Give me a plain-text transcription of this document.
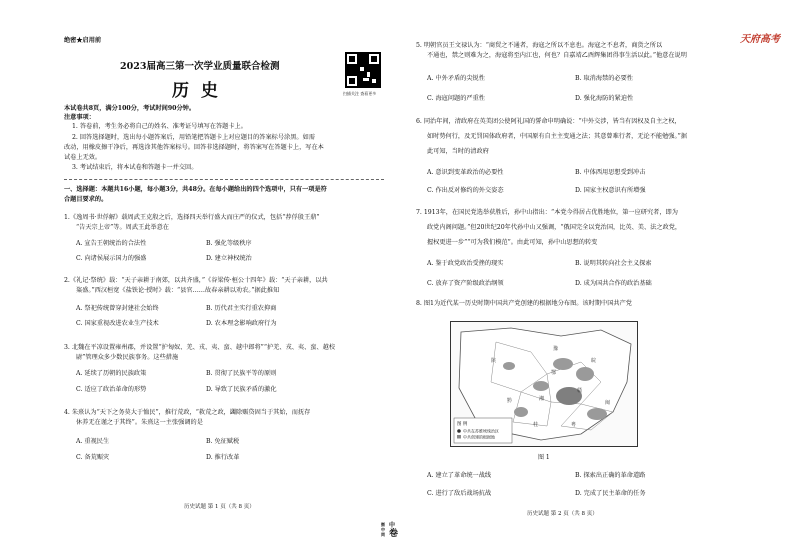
绝密★启用前
2023届高三第一次学业质量联合检测
历 史	扫描关注 查看更多
本试卷共8页，满分100分，考试时间90分钟。
注意事项：
1. 答卷前，考生务必将自己的姓名、准考证号填写在答题卡上。
2. 回答选择题时，选出每小题答案后，用铅笔把答题卡上对应题目的答案标号涂黑。如需
改动，用橡皮擦干净后，再选涂其他答案标号。回答非选择题时，将答案写在答题卡上，写在本
试卷上无效。
3. 考试结束后，将本试卷和答题卡一并交回。
一、选择题：本题共16小题，每小题3分，共48分。在每小题给出的四个选项中，只有一项是符
合题目要求的。
1.《逸周书·世俘解》载周武王克殷之后，选择四天举行盛大而庄严的仪式，包括“荐俘殷王鼎”
“告天宗上帝”等。周武王此举意在
A. 宣告王朝统治的合法性	B. 强化等级秩序
C. 向诸侯展示国力的强盛	D. 建立神权统治
2.《礼记·祭统》载：“天子亲耕于南郊，以共齐盛，”《谷梁传·桓公十四年》载：“天子亲耕，以共
粢盛。”西汉桓宽《盐铁论·授时》载：“县官……故春亲耕以劝农。”据此推知
A. 祭祀传统曾穿封建社会始终	B. 历代君主实行重农抑商
C. 国家重视改进农业生产技术	D. 农本理念影响政府行为
3. 北魏在平凉设置雍州郡，并设置“护匈奴、羌、戎、夷、蛮、越中郎将”“护羌、戎、夷、蛮、越校
尉”管理众多少数民族事务。这些措施
A. 延续了历朝的民族政策	B. 贯彻了民族平等的原则
C. 适应了政治革命的形势	D. 导致了民族矛盾的激化
4. 朱熹认为“天下之务莫大于恤民”，推行荒政，“救荒之政，蠲除赈贷固当于其始，而抚存
休养无在谨之于其终”。朱熹这一主张强调的是
A. 重视民生	B. 免征赋税
C. 备荒赈灾	D. 推行改革
历史试题 第 1 页（共 8 页）
天府高考
5. 明朝官员王文禄认为：“商贸之不通者，海寇之所以不息也。海寇之不息者，商货之所以
不通也，禁之则难为之，海寇将至内江也，何也？自嘉靖乙酉辉集团得事生活以此。”他意在说明
A. 中外矛盾的尖锐性	B. 取消海禁的必要性
C. 海寇问题的严重性	D. 强化海防的紧迫性
6. 同治年间，清政府在英美团公使阿礼国的誓命申明确说：“中外交涉，皆当有因权及自主之权，
如时势何行，及无罚国体政府者，中国原有自主主变通之法；其意曾难行者，无论不能勉强。”据
此可知，当时的清政府
A. 意识到变革政治的必要性	B. 中体西用思想受到冲击
C. 作出反对修约的外交姿态	D. 国家主权意识有所增强
7. 1913年，在国民党选举获胜后，孙中山指出：“本党今得居占优胜地位，第一应研究者，即为
政党内阁问题。”但20世纪20年代孙中山又强调，“俄国完全以党治国，比英、美、法之政党，
握权更进一步”“可为我们模范”。由此可知，孙中山思想的转变
A. 鉴于政党政治受挫的现实	B. 说明其转向社会主义探索
C. 放弃了资产阶级政治纲领	D. 成为国共合作的政治基础
8. 图1为近代某一历史时期中国共产党创建的根据地分布图。该时期中国共产党
图 1
A. 建立了革命统一战线	B. 探索出正确的革命道路
C. 进行了敌后战场抗战	D. 完成了民主革命的任务
历史试题 第 2 页（共 8 页）
陕
豫
湘
赣
闽
粤
桂
黔
鄂
皖
图 例
中共在苏维埃统治区
中共创建的根据地
衡中同
中
卷
